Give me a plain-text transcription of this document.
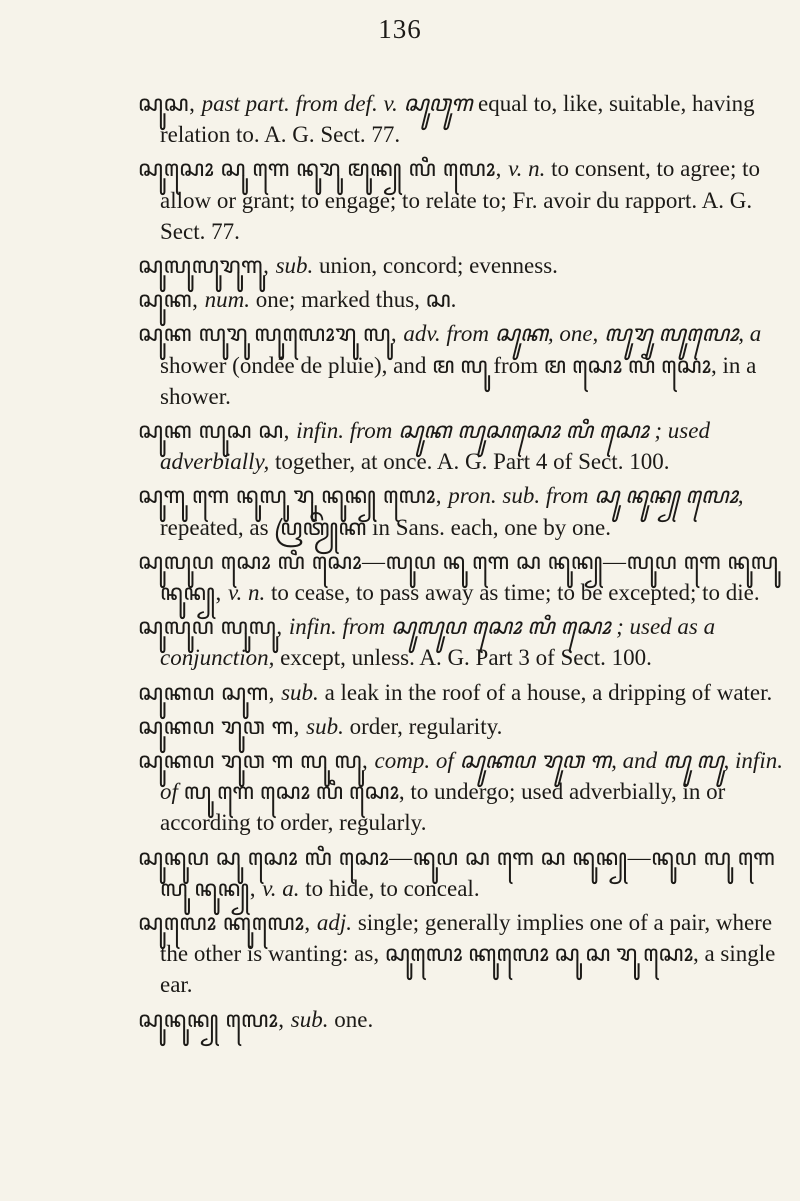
136

ꦱꦸꦱ , past part. from def. v. ꦱꦸꦮꦸꦒ equal to, like, suitable, having relation to. A. G. Sect. 77.

ꦱꦸꦱꦺꦴ ꦱꦸ ꦒꦺ ꦤꦸꦫꦸ ꦩꦸꦤ꧀ ꦭꦶ ꦭꦺꦴ , v. n. to consent, to agree; to allow or grant; to engage; to relate to; Fr. avoir du rapport. A. G. Sect. 77.

ꦱꦸꦭꦸꦭꦸꦫꦸꦒꦸ , sub. union, concord; evenness.

ꦱꦸꦏ , num. one; marked thus, ꦱ.

ꦱꦸꦏ ꦭꦸꦫꦸ ꦭꦸꦭꦺꦴꦫꦸ ꦭꦸ , adv. from ꦱꦸꦏ, one, ꦭꦸꦫꦸ ꦭꦸꦭꦺꦴ, ashower (ondée de pluie), and ꦩ ꦭꦸ from ꦩ ꦱꦺꦴ ꦭꦶ ꦱꦺꦴ, in a shower.

ꦱꦸꦏ ꦭꦸꦱ ꦱ , infin. from ꦱꦸꦏ ꦭꦸꦱꦱꦺꦴ ꦭꦶ ꦱꦺꦴ ; used adverbially, together, at once. A. G. Part 4 of Sect. 100.

ꦱꦸꦒꦸ ꦒꦺ ꦤꦸꦭꦸ ꦫꦸ ꦤꦸꦤ꧀ ꦭꦺꦴ , pron. sub. from ꦱꦸ ꦤꦸꦤ꧀ ꦭꦺꦴ,repeated, as ꦥꦿꦠꦾꦼꦏ in Sans. each, one by one.

ꦱꦸꦭꦸꦥ ꦱꦺꦴ ꦭꦶ ꦱꦺꦴ—ꦭꦸꦥ ꦤꦸ ꦒꦺ ꦱ ꦤꦸꦤ꧀—ꦭꦸꦥ ꦒꦺ ꦤꦸꦭꦸ ꦤꦸꦤ꧀ , v. n. to cease, to pass away as time; to be excepted; to die.

ꦱꦸꦭꦸꦥ ꦭꦸꦭꦸ , infin. from ꦱꦸꦭꦸꦥ ꦱꦺꦴ ꦭꦶ ꦱꦺꦴ ; used as a conjunction, except, unless. A. G. Part 3 of Sect. 100.

ꦱꦸꦏꦥ ꦱꦸꦒ , sub. a leak in the roof of a house, a dripping of water.

ꦱꦸꦏꦥ ꦫꦸꦮ ꦒ , sub. order, regularity.

ꦱꦸꦏꦥ ꦫꦸꦮ ꦒ ꦭꦸ ꦭꦸ , comp. of ꦱꦸꦏꦥ ꦫꦸꦮ ꦒ, and ꦭꦸ ꦭꦸ, infin. of ꦭꦸ ꦒꦺ ꦱꦺꦴ ꦭꦶ ꦱꦺꦴ, to undergo; used adverbially, in or according to order, regularly.

ꦱꦸꦤꦸꦥ ꦱꦸ ꦱꦺꦴ ꦭꦶ ꦱꦺꦴ—ꦤꦸꦥ ꦱ ꦒꦺ ꦱ ꦤꦸꦤ꧀—ꦤꦸꦥ ꦭꦸ ꦒꦺ ꦭꦸ ꦤꦸꦤ꧀ , v. a. to hide, to conceal.

ꦱꦸꦭꦺꦴ ꦏꦸꦭꦺꦴ , adj. single; generally implies one of a pair, where the other is wanting: as, ꦱꦸꦭꦺꦴ ꦏꦸꦭꦺꦴ ꦱꦸ ꦱ ꦫꦸ ꦱꦺꦴ, a single ear.

ꦱꦸꦤꦸꦤ꧀ ꦭꦺꦴ , sub. one.
